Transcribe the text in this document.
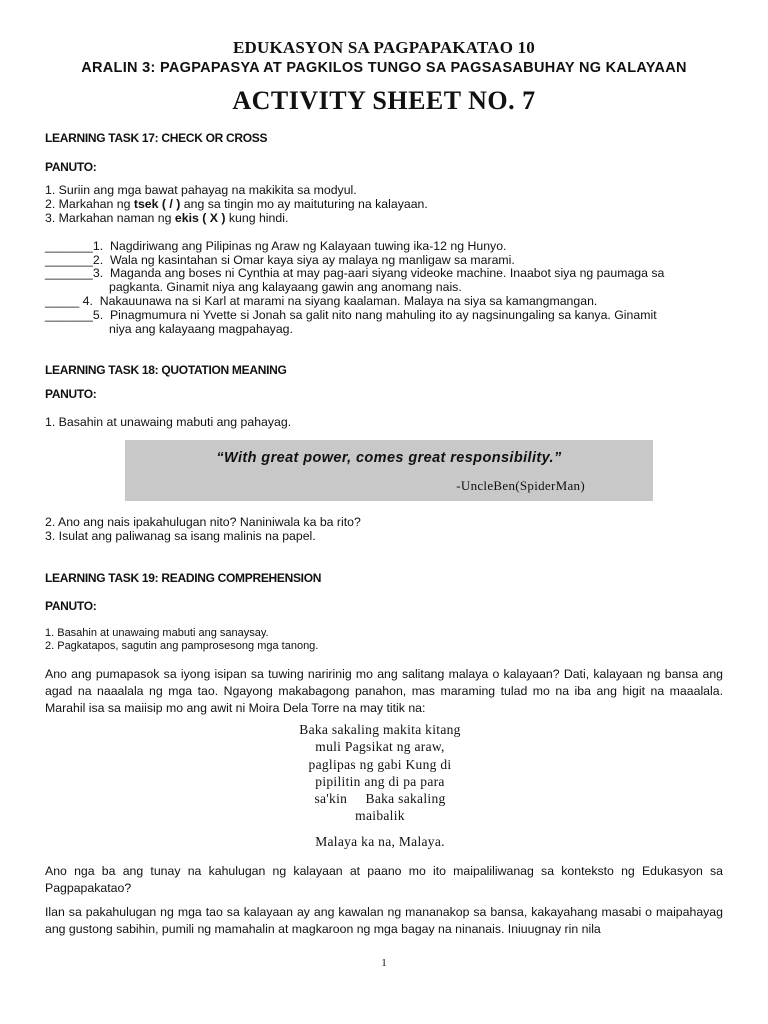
EDUKASYON SA PAGPAPAKATAO 10
ARALIN 3: PAGPAPASYA AT PAGKILOS TUNGO SA PAGSASABUHAY NG KALAYAAN
ACTIVITY SHEET NO. 7
LEARNING TASK 17: CHECK OR CROSS
PANUTO:
1. Suriin ang mga bawat pahayag na makikita sa modyul.
2. Markahan ng tsek ( / ) ang sa tingin mo ay maituturing na kalayaan.
3. Markahan naman ng ekis ( X ) kung hindi.
_______1.  Nagdiriwang ang Pilipinas ng Araw ng Kalayaan tuwing ika-12 ng Hunyo.
_______2.  Wala ng kasintahan si Omar kaya siya ay malaya ng manligaw sa marami.
_______3.  Maganda ang boses ni Cynthia at may pag-aari siyang videoke machine. Inaabot siya ng paumaga sa
pagkanta. Ginamit niya ang kalayaang gawin ang anomang nais.
_____ 4.  Nakauunawa na si Karl at marami na siyang kaalaman. Malaya na siya sa kamangmangan.
_______5.  Pinagmumura ni Yvette si Jonah sa galit nito nang mahuling ito ay nagsinungaling sa kanya. Ginamit
niya ang kalayaang magpahayag.
LEARNING TASK 18: QUOTATION MEANING
PANUTO:
1. Basahin at unawaing mabuti ang pahayag.
“With great power, comes great responsibility.”
-UncleBen(SpiderMan)
2. Ano ang nais ipakahulugan nito? Naniniwala ka ba rito?
3. Isulat ang paliwanag sa isang malinis na papel.
LEARNING TASK 19: READING COMPREHENSION
PANUTO:
1. Basahin at unawaing mabuti ang sanaysay.
2. Pagkatapos, sagutin ang pamprosesong mga tanong.
Ano ang pumapasok sa iyong isipan sa tuwing naririnig mo ang salitang malaya o kalayaan? Dati, kalayaan ng bansa ang agad na naaalala ng mga tao. Ngayong makabagong panahon, mas maraming tulad mo na iba ang higit na maaalala. Marahil isa sa maiisip mo ang awit ni Moira Dela Torre na may titik na:
Baka sakaling makita kitang
muli Pagsikat ng araw,
paglipas ng gabi Kung di
pipilitin ang di pa para
sa'kin     Baka sakaling
maibalik
Malaya ka na, Malaya.
Ano nga ba ang tunay na kahulugan ng kalayaan at paano mo ito maipaliliwanag sa konteksto ng Edukasyon sa Pagpapakatao?
Ilan sa pakahulugan ng mga tao sa kalayaan ay ang kawalan ng mananakop sa bansa, kakayahang masabi o maipahayag ang gustong sabihin, pumili ng mamahalin at magkaroon ng mga bagay na ninanais. Iniuugnay rin nila
1
